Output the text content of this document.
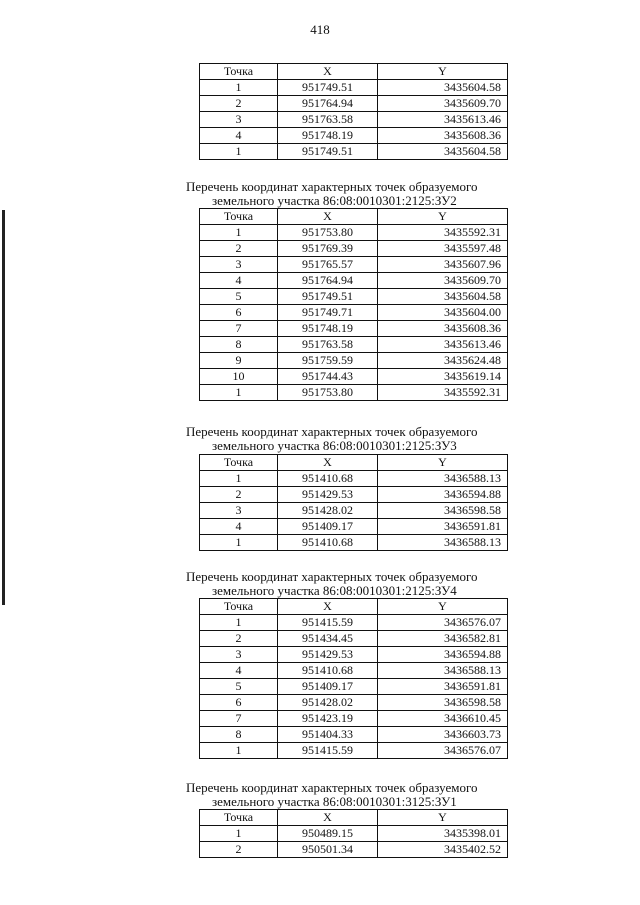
418
Точка	X	Y
1	951749.51	3435604.58
2	951764.94	3435609.70
3	951763.58	3435613.46
4	951748.19	3435608.36
1	951749.51	3435604.58
Перечень координат характерных точек образуемого
земельного участка 86:08:0010301:2125:ЗУ2
Точка	X	Y
1	951753.80	3435592.31
2	951769.39	3435597.48
3	951765.57	3435607.96
4	951764.94	3435609.70
5	951749.51	3435604.58
6	951749.71	3435604.00
7	951748.19	3435608.36
8	951763.58	3435613.46
9	951759.59	3435624.48
10	951744.43	3435619.14
1	951753.80	3435592.31
Перечень координат характерных точек образуемого
земельного участка 86:08:0010301:2125:ЗУ3
Точка	X	Y
1	951410.68	3436588.13
2	951429.53	3436594.88
3	951428.02	3436598.58
4	951409.17	3436591.81
1	951410.68	3436588.13
Перечень координат характерных точек образуемого
земельного участка 86:08:0010301:2125:ЗУ4
Точка	X	Y
1	951415.59	3436576.07
2	951434.45	3436582.81
3	951429.53	3436594.88
4	951410.68	3436588.13
5	951409.17	3436591.81
6	951428.02	3436598.58
7	951423.19	3436610.45
8	951404.33	3436603.73
1	951415.59	3436576.07
Перечень координат характерных точек образуемого
земельного участка 86:08:0010301:3125:ЗУ1
Точка	X	Y
1	950489.15	3435398.01
2	950501.34	3435402.52
